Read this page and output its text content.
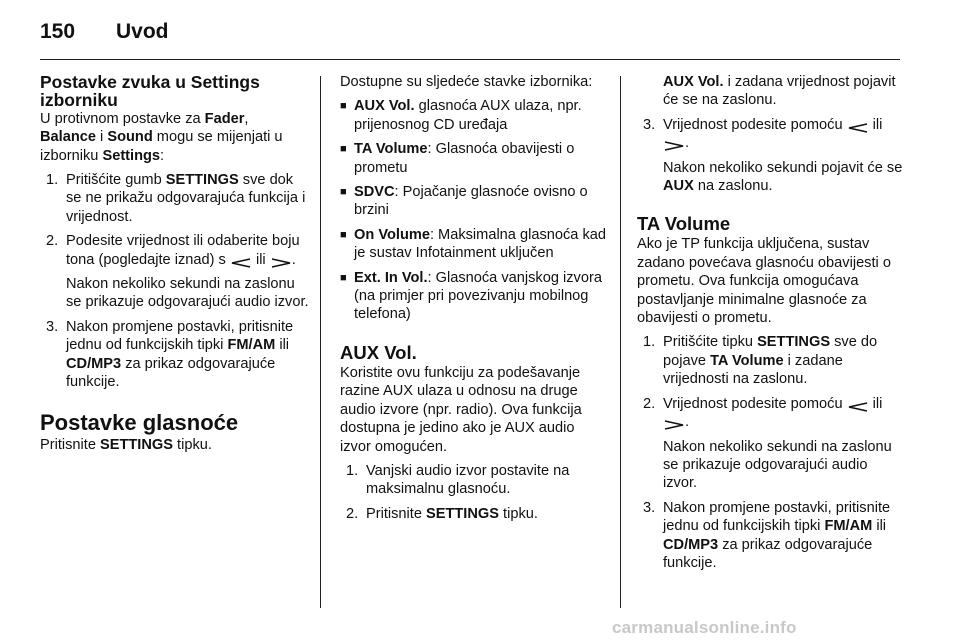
150 Uvod
Postavke zvuka u Settings izborniku

U protivnom postavke za Fader,
Balance i Sound mogu se mijenjati u izborniku Settings:

1. Pritišćite gumb SETTINGS sve dok se ne prikažu odgovarajuća funkcija i vrijednost.
2. Podesite vrijednost ili odaberite boju tona (pogledajte iznad) s  ili .

Nakon nekoliko sekundi na zaslonu se prikazuje odgovarajući audio izvor.

3. Nakon promjene postavki, pritisnite jednu od funkcijskih tipki FM/AM ili CD/MP3 za prikaz odgovarajuće funkcije.
Postavke glasnoće

Pritisnite SETTINGS tipku.

Dostupne su sljedeće stavke izbornika:

■ AUX Vol. glasnoća AUX ulaza, npr. prijenosnog CD uređaja
■ TA Volume: Glasnoća obavijesti o prometu
■ SDVC: Pojačanje glasnoće ovisno o brzini
■ On Volume: Maksimalna glasnoća kad je sustav Infotainment uključen
■ Ext. In Vol.: Glasnoća vanjskog izvora (na primjer pri povezivanju mobilnog telefona)
AUX Vol.

Koristite ovu funkciju za podešavanje razine AUX ulaza u odnosu na druge audio izvore (npr. radio). Ova funkcija dostupna je jedino ako je AUX audio izvor omogućen.

1. Vanjski audio izvor postavite na maksimalnu glasnoću.
2. Pritisnite SETTINGS tipku.

AUX Vol. i zadana vrijednost pojavit će se na zaslonu.

3. Vrijednost podesite pomoću  ili
.

Nakon nekoliko sekundi pojavit će se AUX na zaslonu.

TA Volume

Ako je TP funkcija uključena, sustav zadano povećava glasnoću obavijesti o prometu. Ova funkcija omogućava postavljanje minimalne glasnoće za obavijesti o prometu.

1. Pritišćite tipku SETTINGS sve do pojave TA Volume i zadane vrijednosti na zaslonu.
2. Vrijednost podesite pomoću  ili
.

Nakon nekoliko sekundi na zaslonu se prikazuje odgovarajući audio izvor.

3. Nakon promjene postavki, pritisnite jednu od funkcijskih tipki FM/AM ili CD/MP3 za prikaz odgovarajuće funkcije.
carmanualsonline.info
